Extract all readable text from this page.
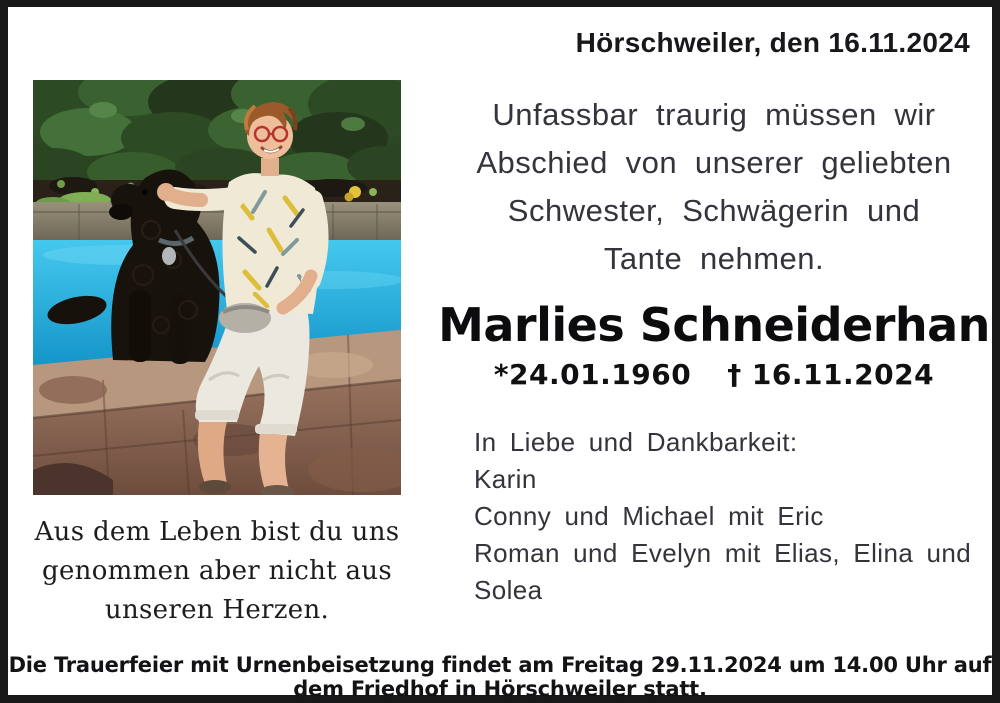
Hörschweiler, den 16.11.2024
Aus dem Leben bist du uns
genommen aber nicht aus
unseren Herzen.
Unfassbar traurig müssen wir
Abschied von unserer geliebten
Schwester, Schwägerin und
Tante nehmen.
Marlies Schneiderhan
*24.01.1960 † 16.11.2024
In Liebe und Dankbarkeit:
Karin
Conny und Michael mit Eric
Roman und Evelyn mit Elias, Elina und Solea
Die Trauerfeier mit Urnenbeisetzung findet am Freitag 29.11.2024 um 14.00 Uhr auf dem Friedhof in Hörschweiler statt.
